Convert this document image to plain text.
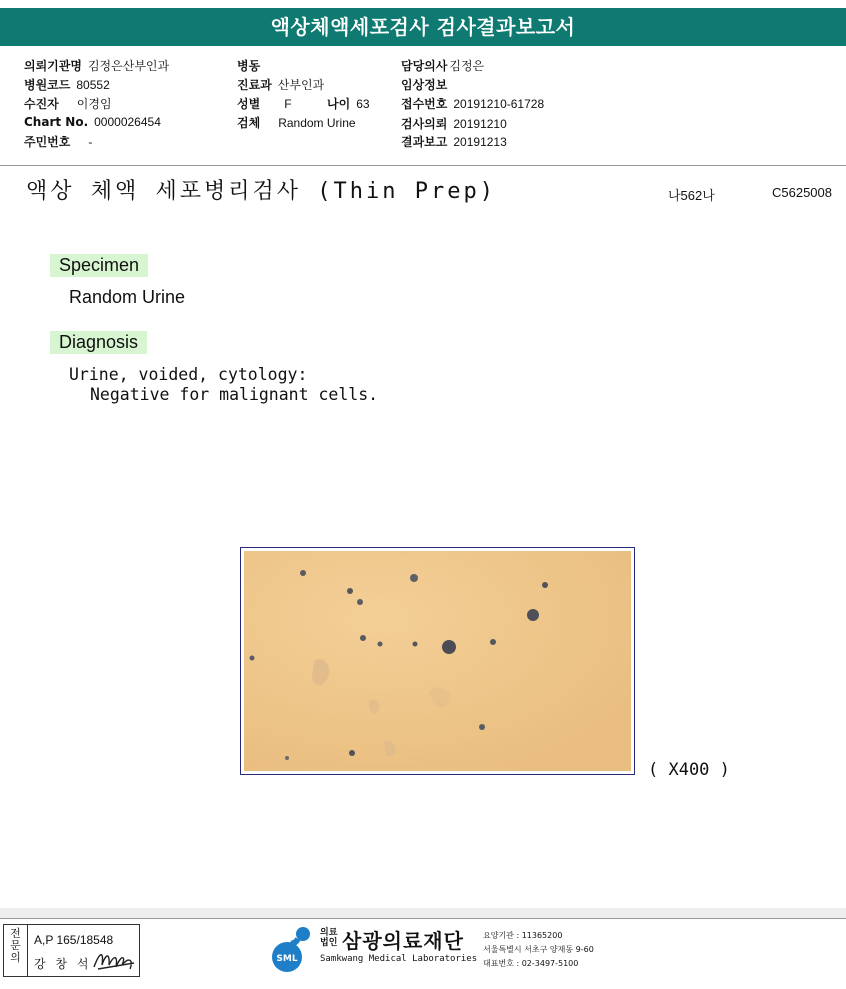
액상체액세포검사 검사결과보고서
의뢰기관명 김정은산부인과
병원코드 80552
수진자 이경임
Chart No. 0000026454
주민번호 -
병동
진료과 산부인과
성별 F	나이 63
검체 Random Urine
담당의사 김정은
임상정보
접수번호 20191210-61728
검사의뢰 20191210
결과보고 20191213
액상 체액 세포병리검사 (Thin Prep)	나562나	C5625008
Specimen
Random Urine
Diagnosis
Urine, voided, cytology:
Negative for malignant cells.
( X400 )
전문의
A,P 165/18548
강 창 석	SML
의료
법인 삼광의료재단
Samkwang Medical Laboratories
요양기관 : 11365200
서울특별시 서초구 양재동 9-60
대표번호 : 02-3497-5100
